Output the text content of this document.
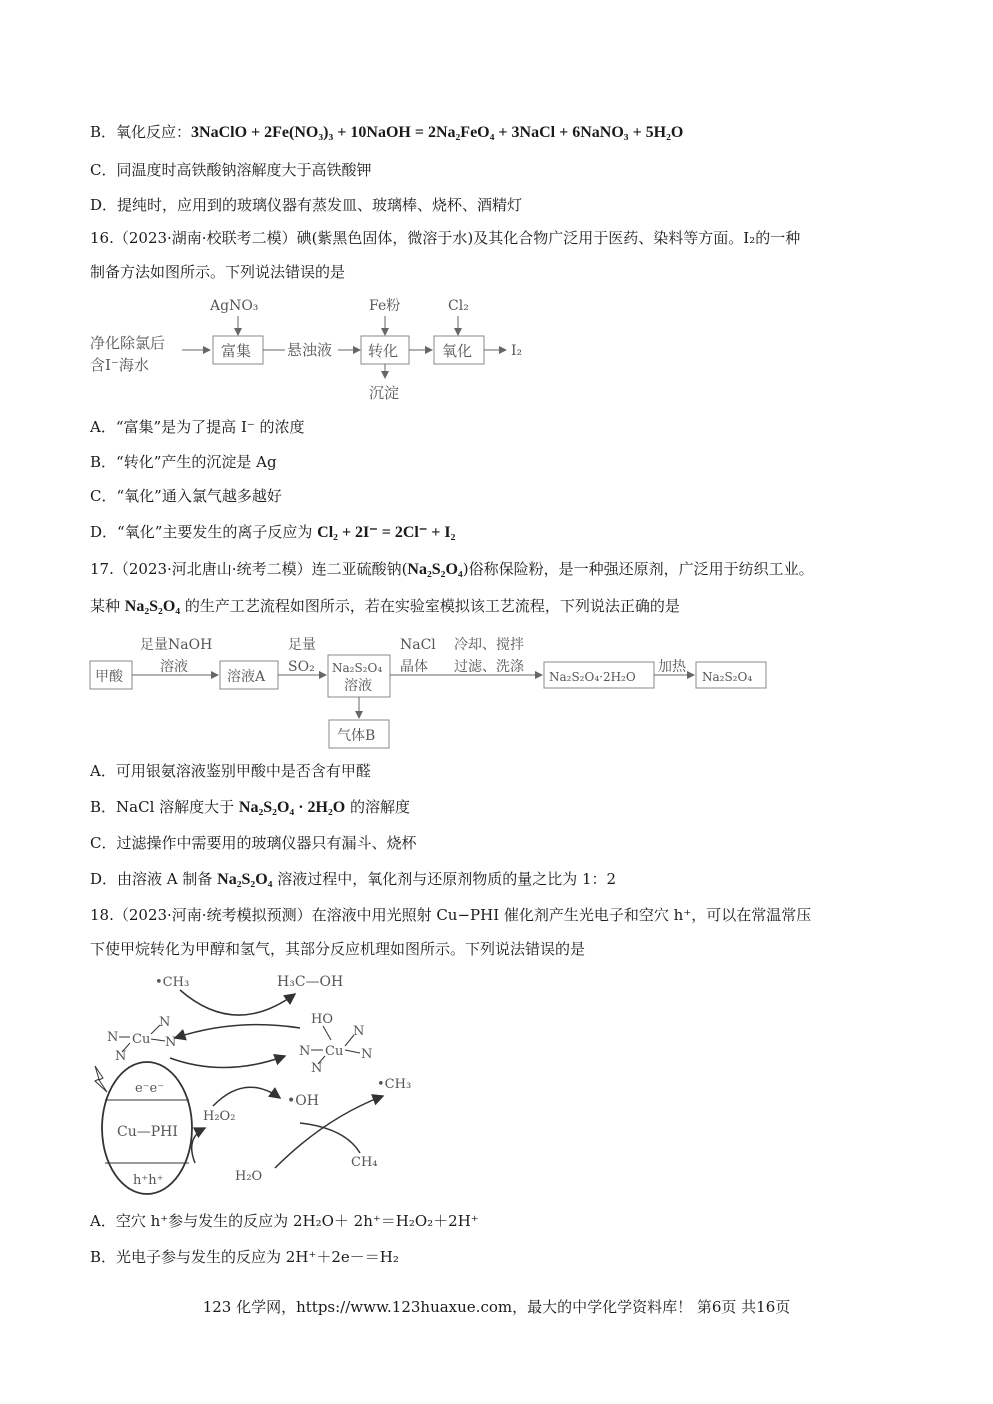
B．氧化反应：3NaClO + 2Fe(NO₃)₃ + 10NaOH = 2Na₂FeO₄ + 3NaCl + 6NaNO₃ + 5H₂O
C．同温度时高铁酸钠溶解度大于高铁酸钾
D．提纯时，应用到的玻璃仪器有蒸发皿、玻璃棒、烧杯、酒精灯
16.（2023·湖南·校联考二模）碘(紫黑色固体，微溶于水)及其化合物广泛用于医药、染料等方面。I₂的一种
制备方法如图所示。下列说法错误的是
净化除氯后
含I⁻海水
AgNO₃
富集 悬浊液
Fe粉
转化
沉淀
Cl₂
氧化	I₂
A．“富集”是为了提高 I⁻ 的浓度
B．“转化”产生的沉淀是 Ag
C．“氧化”通入氯气越多越好
D．“氧化”主要发生的离子反应为 Cl₂ + 2I⁻ = 2Cl⁻ + I₂
17.（2023·河北唐山·统考二模）连二亚硫酸钠(Na₂S₂O₄)俗称保险粉，是一种强还原剂，广泛用于纺织工业。
某种 Na₂S₂O₄ 的生产工艺流程如图所示，若在实验室模拟该工艺流程，下列说法正确的是
甲酸
足量NaOH
溶液
溶液A
足量
SO₂ Na₂S₂O₄
溶液
NaCl
晶体
冷却、搅拌
过滤、洗涤
Na₂S₂O₄·2H₂O
加热
Na₂S₂O₄
气体B
A．可用银氨溶液鉴别甲酸中是否含有甲醛
B．NaCl 溶解度大于 Na₂S₂O₄ · 2H₂O 的溶解度
C．过滤操作中需要用的玻璃仪器只有漏斗、烧杯
D．由溶液 A 制备 Na₂S₂O₄ 溶液过程中，氧化剂与还原剂物质的量之比为 1：2
18.（2023·河南·统考模拟预测）在溶液中用光照射 Cu−PHI 催化剂产生光电子和空穴 h⁺，可以在常温常压
下使甲烷转化为甲醇和氢气，其部分反应机理如图所示。下列说法错误的是
•CH₃	H₃C—OH
N Cu
N
N
N
HO
Cu
N
N
N
N
e⁻e⁻
Cu—PHI
h⁺h⁺
H₂O₂
•OH
•CH₃
CH₄
H₂O
A．空穴 h⁺参与发生的反应为 2H₂O＋ 2h⁺＝H₂O₂＋2H⁺
B．光电子参与发生的反应为 2H⁺＋2e－＝H₂
123 化学网，https://www.123huaxue.com，最大的中学化学资料库！ 第6页 共16页
